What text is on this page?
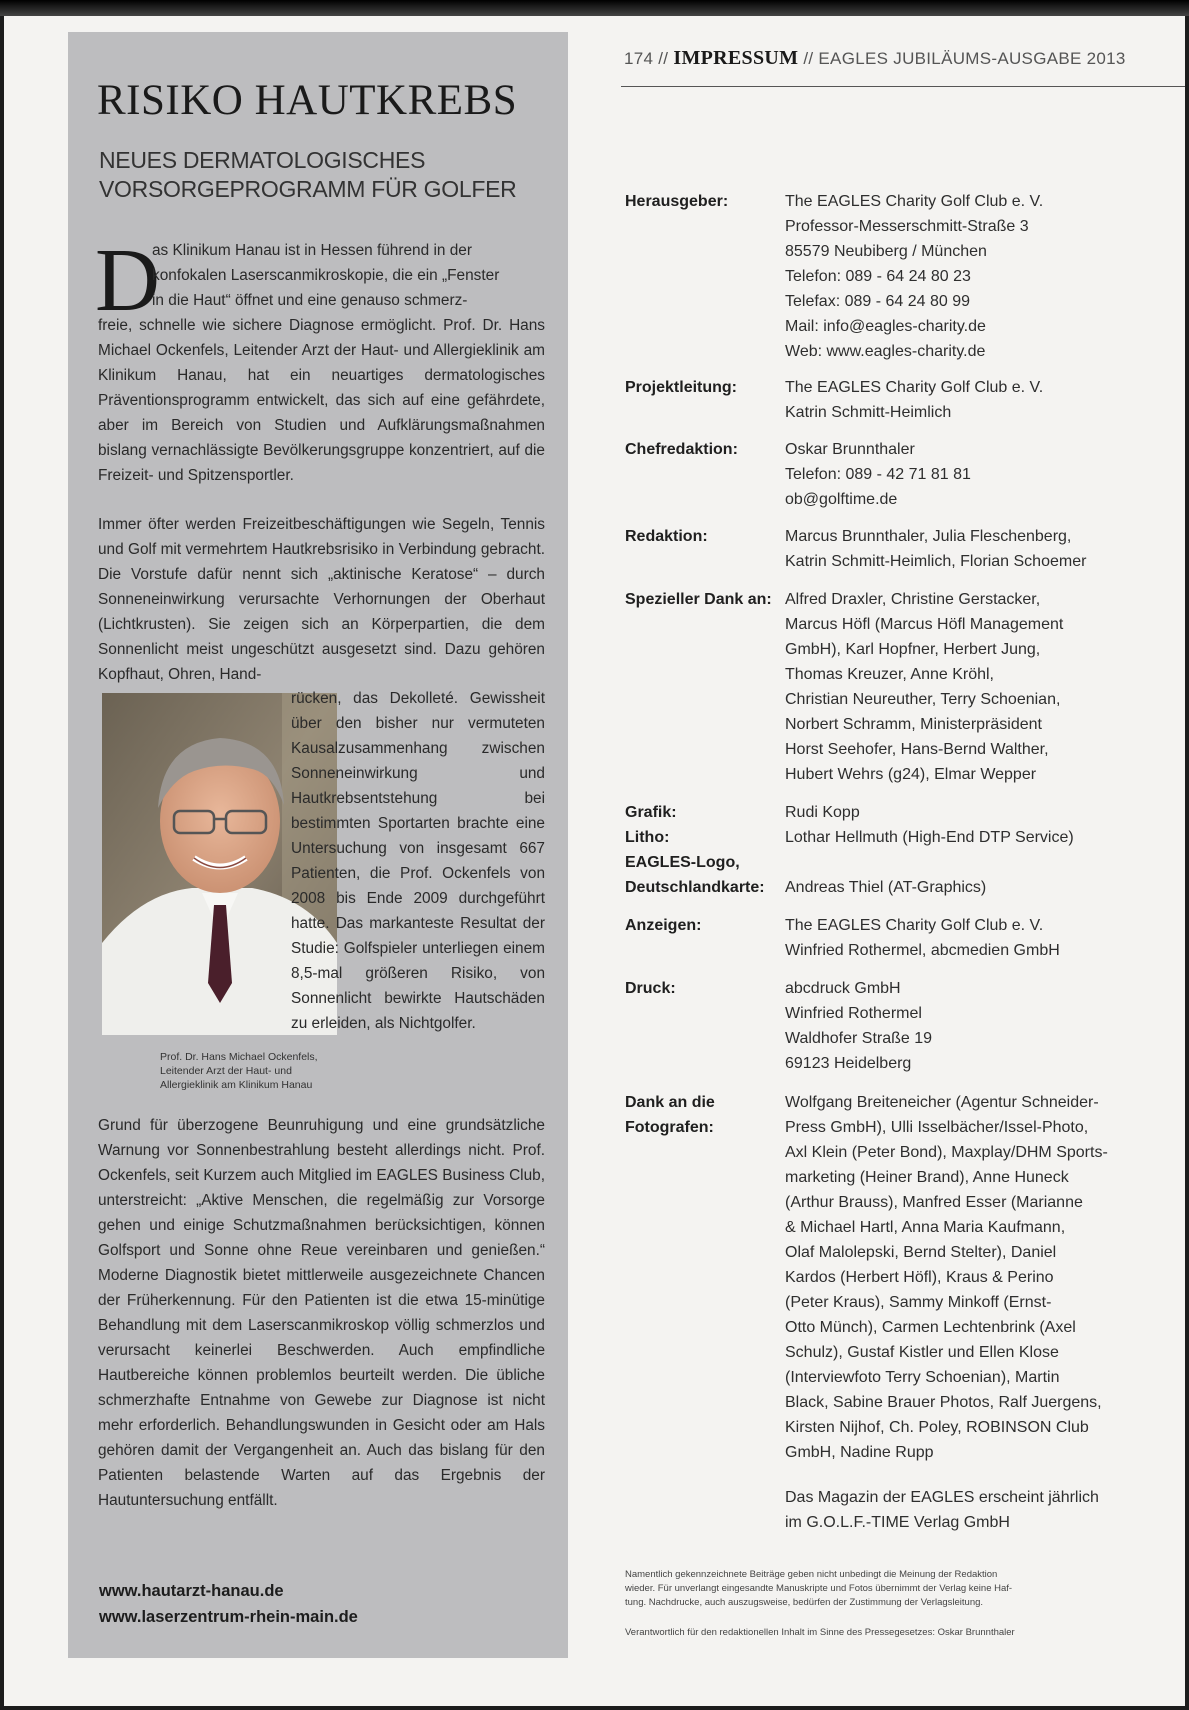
RISIKO HAUTKREBS
NEUES DERMATOLOGISCHES
VORSORGEPROGRAMM FÜR GOLFER
D
as Klinikum Hanau ist in Hessen führend in der
konfokalen Laserscanmikroskopie, die ein „Fenster
in die Haut“ öffnet und eine genauso schmerz-
freie, schnelle wie sichere Diagnose ermöglicht. Prof. Dr. Hans Michael Ockenfels, Leitender Arzt der Haut- und Allergieklinik am Klinikum Hanau, hat ein neuartiges dermatologisches Präventionsprogramm entwickelt, das sich auf eine gefährdete, aber im Bereich von Studien und Aufklärungsmaßnahmen bislang vernachlässigte Bevölkerungsgruppe konzentriert, auf die Freizeit- und Spitzensportler.
Immer öfter werden Freizeitbeschäftigungen wie Segeln, Tennis und Golf mit vermehrtem Hautkrebsrisiko in Verbindung gebracht. Die Vorstufe dafür nennt sich „aktinische Keratose“ – durch Sonneneinwirkung verursachte Verhornungen der Oberhaut (Lichtkrusten). Sie zeigen sich an Körperpartien, die dem Sonnenlicht meist ungeschützt ausgesetzt sind. Dazu gehören Kopfhaut, Ohren, Hand-
rücken, das Dekolleté. Gewissheit über den bisher nur vermuteten Kausalzusammenhang zwischen Sonneneinwirkung und Hautkrebsentstehung bei bestimmten Sportarten brachte eine Untersuchung von insgesamt 667 Patienten, die Prof. Ockenfels von 2008 bis Ende 2009 durchgeführt hatte. Das markanteste Resultat der Studie: Golfspieler unterliegen einem 8,5-mal größeren Risiko, von Sonnenlicht bewirkte Hautschäden zu erleiden, als Nichtgolfer.
Prof. Dr. Hans Michael Ockenfels,
Leitender Arzt der Haut- und
Allergieklinik am Klinikum Hanau
Grund für überzogene Beunruhigung und eine grundsätzliche Warnung vor Sonnenbestrahlung besteht allerdings nicht. Prof. Ockenfels, seit Kurzem auch Mitglied im EAGLES Business Club, unterstreicht: „Aktive Menschen, die regelmäßig zur Vorsorge gehen und einige Schutzmaßnahmen berücksichtigen, können Golfsport und Sonne ohne Reue vereinbaren und genießen.“ Moderne Diagnostik bietet mittlerweile ausgezeichnete Chancen der Früherkennung. Für den Patienten ist die etwa 15-minütige Behandlung mit dem Laserscanmikroskop völlig schmerzlos und verursacht keinerlei Beschwerden. Auch empfindliche Hautbereiche können problemlos beurteilt werden. Die übliche schmerzhafte Entnahme von Gewebe zur Diagnose ist nicht mehr erforderlich. Behandlungswunden in Gesicht oder am Hals gehören damit der Vergangenheit an. Auch das bislang für den Patienten belastende Warten auf das Ergebnis der Hautuntersuchung entfällt.
www.hautarzt-hanau.de
www.laserzentrum-rhein-main.de
174 // IMPRESSUM // EAGLES JUBILÄUMS-AUSGABE 2013
Herausgeber:	The EAGLES Charity Golf Club e. V.
Professor-Messerschmitt-Straße 3
85579 Neubiberg / München
Telefon: 089 - 64 24 80 23
Telefax: 089 - 64 24 80 99
Mail: info@eagles-charity.de
Web: www.eagles-charity.de
Projektleitung:	The EAGLES Charity Golf Club e. V.
Katrin Schmitt-Heimlich
Chefredaktion:	Oskar Brunnthaler
Telefon: 089 - 42 71 81 81
ob@golftime.de
Redaktion:	Marcus Brunnthaler, Julia Fleschenberg,
Katrin Schmitt-Heimlich, Florian Schoemer
Spezieller Dank an: Alfred Draxler, Christine Gerstacker,
Marcus Höfl (Marcus Höfl Management
GmbH), Karl Hopfner, Herbert Jung,
Thomas Kreuzer, Anne Kröhl,
Christian Neureuther, Terry Schoenian,
Norbert Schramm, Ministerpräsident
Horst Seehofer, Hans-Bernd Walther,
Hubert Wehrs (g24), Elmar Wepper
Grafik:	Rudi Kopp
Litho:	Lothar Hellmuth (High-End DTP Service)
EAGLES-Logo,
Deutschlandkarte:	Andreas Thiel (AT-Graphics)
Anzeigen:	The EAGLES Charity Golf Club e. V.
Winfried Rothermel, abcmedien GmbH
Druck:	abcdruck GmbH
Winfried Rothermel
Waldhofer Straße 19
69123 Heidelberg
Dank an die
Fotografen:
Wolfgang Breiteneicher (Agentur Schneider-
Press GmbH), Ulli Isselbächer/Issel-Photo,
Axl Klein (Peter Bond), Maxplay/DHM Sports-
marketing (Heiner Brand), Anne Huneck
(Arthur Brauss), Manfred Esser (Marianne
& Michael Hartl, Anna Maria Kaufmann,
Olaf Malolepski, Bernd Stelter), Daniel
Kardos (Herbert Höfl), Kraus & Perino
(Peter Kraus), Sammy Minkoff (Ernst-
Otto Münch), Carmen Lechtenbrink (Axel
Schulz), Gustaf Kistler und Ellen Klose
(Interviewfoto Terry Schoenian), Martin
Black, Sabine Brauer Photos, Ralf Juergens,
Kirsten Nijhof, Ch. Poley, ROBINSON Club
GmbH, Nadine Rupp
Das Magazin der EAGLES erscheint jährlich
im G.O.L.F.-TIME Verlag GmbH
Namentlich gekennzeichnete Beiträge geben nicht unbedingt die Meinung der Redaktion
wieder. Für unverlangt eingesandte Manuskripte und Fotos übernimmt der Verlag keine Haf-
tung. Nachdrucke, auch auszugsweise, bedürfen der Zustimmung der Verlagsleitung.
Verantwortlich für den redaktionellen Inhalt im Sinne des Pressegesetzes: Oskar Brunnthaler
